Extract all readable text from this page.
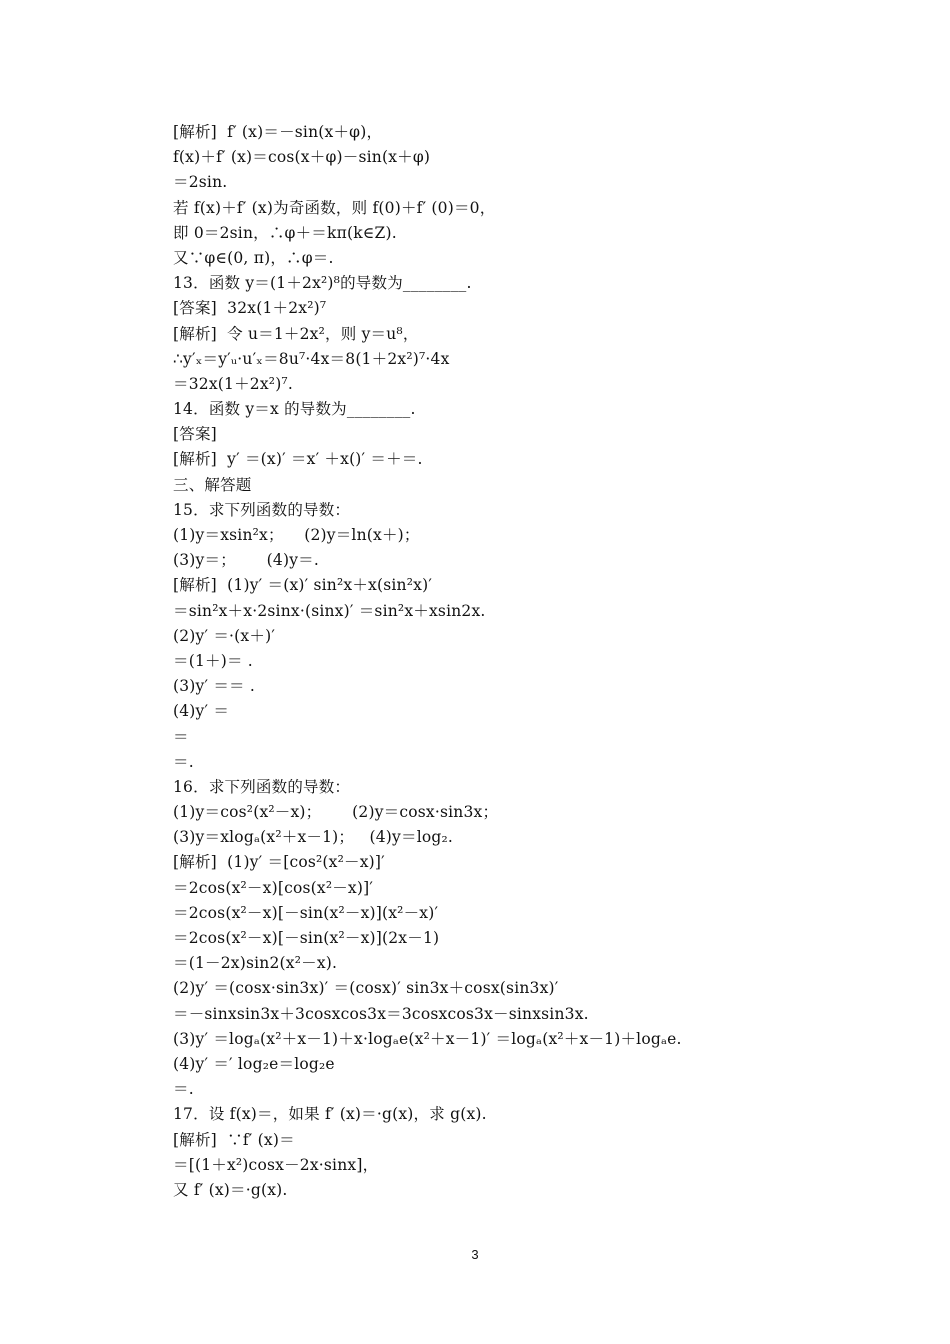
[解析]  f′ (x)＝－sin(x＋φ)，
f(x)＋f′ (x)＝cos(x＋φ)－sin(x＋φ)
＝2sin.
若 f(x)＋f′ (x)为奇函数，则 f(0)＋f′ (0)＝0，
即 0＝2sin，∴φ＋＝kπ(k∈Z).
又∵φ∈(0, π)，∴φ＝.
13．函数 y＝(1＋2x²)⁸的导数为________.
[答案]  32x(1＋2x²)⁷
[解析]  令 u＝1＋2x²，则 y＝u⁸，
∴y′ₓ＝y′ᵤ·u′ₓ＝8u⁷·4x＝8(1＋2x²)⁷·4x
＝32x(1＋2x²)⁷.
14．函数 y＝x 的导数为________.
[答案]
[解析]  y′ ＝(x)′ ＝x′ ＋x()′ ＝＋＝.
三、解答题
15．求下列函数的导数：
(1)y＝xsin²x；    (2)y＝ln(x＋)；
(3)y＝；      (4)y＝.
[解析]  (1)y′ ＝(x)′ sin²x＋x(sin²x)′
＝sin²x＋x·2sinx·(sinx)′ ＝sin²x＋xsin2x.
(2)y′ ＝·(x＋)′
＝(1＋)＝ .
(3)y′ ＝＝ .
(4)y′ ＝
＝
＝.
16．求下列函数的导数：
(1)y＝cos²(x²－x)；      (2)y＝cosx·sin3x；
(3)y＝xlogₐ(x²＋x－1)；   (4)y＝log₂.
[解析]  (1)y′ ＝[cos²(x²－x)]′
＝2cos(x²－x)[cos(x²－x)]′
＝2cos(x²－x)[－sin(x²－x)](x²－x)′
＝2cos(x²－x)[－sin(x²－x)](2x－1)
＝(1－2x)sin2(x²－x).
(2)y′ ＝(cosx·sin3x)′ ＝(cosx)′ sin3x＋cosx(sin3x)′
＝－sinxsin3x＋3cosxcos3x＝3cosxcos3x－sinxsin3x.
(3)y′ ＝logₐ(x²＋x－1)＋x·logₐe(x²＋x－1)′ ＝logₐ(x²＋x－1)＋logₐe.
(4)y′ ＝′ log₂e＝log₂e
＝.
17．设 f(x)＝，如果 f′ (x)＝·g(x)，求 g(x).
[解析]  ∵f′ (x)＝
＝[(1＋x²)cosx－2x·sinx]，
又 f′ (x)＝·g(x).
3
